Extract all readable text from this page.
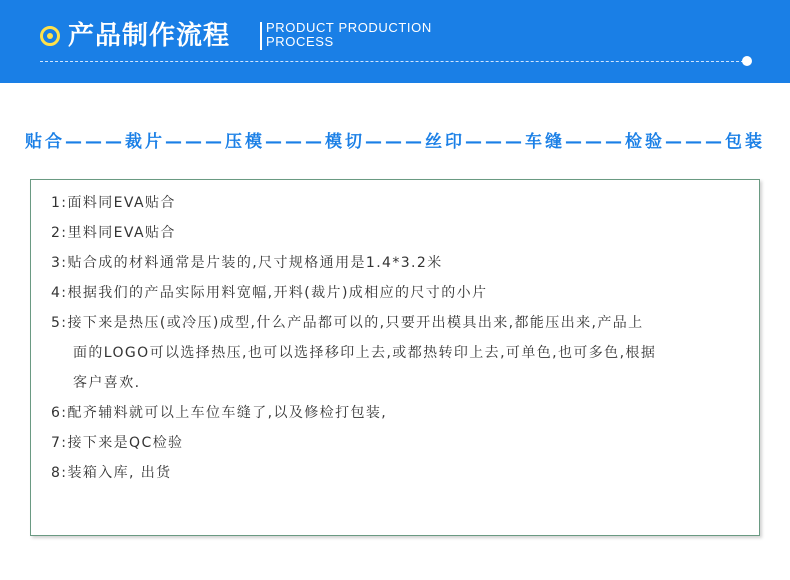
产品制作流程	PRODUCT PRODUCTION
PROCESS
贴合———裁片———压模———模切———丝印———车缝———检验———包装
1:面料同EVA贴合
2:里料同EVA贴合
3:贴合成的材料通常是片装的,尺寸规格通用是1.4*3.2米
4:根据我们的产品实际用料宽幅,开料(裁片)成相应的尺寸的小片
5:接下来是热压(或冷压)成型,什么产品都可以的,只要开出模具出来,都能压出来,产品上
面的LOGO可以选择热压,也可以选择移印上去,或都热转印上去,可单色,也可多色,根据
客户喜欢.
6:配齐辅料就可以上车位车缝了,以及修检打包装,
7:接下来是QC检验
8:装箱入库, 出货
